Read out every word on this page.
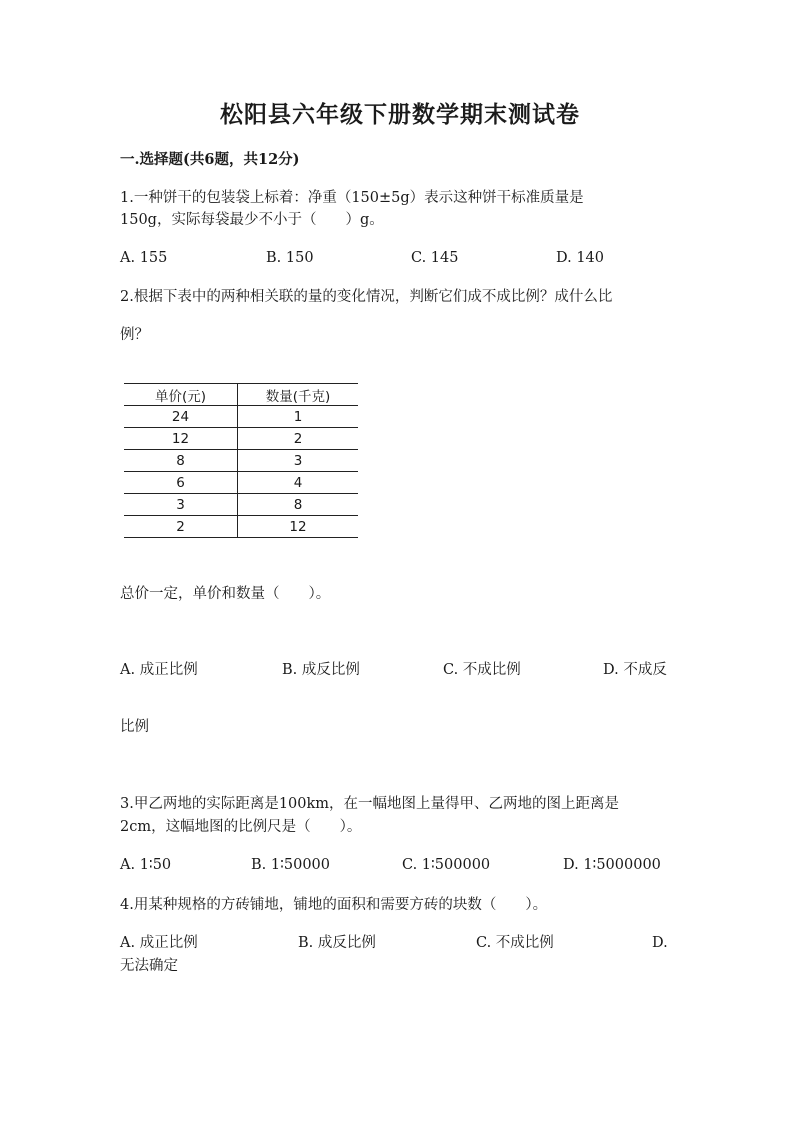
松阳县六年级下册数学期末测试卷
一.选择题(共6题，共12分)
1.一种饼干的包装袋上标着：净重（150±5g）表示这种饼干标准质量是
150g，实际每袋最少不小于（　　）g。
A. 155	B. 150	C. 145	D. 140
2.根据下表中的两种相关联的量的变化情况，判断它们成不成比例？成什么比
例？
单价(元)	数量(千克)
24	1
12	2
8	3
6	4
3	8
2	12
总价一定，单价和数量（　　）。
A. 成正比例	B. 成反比例	C. 不成比例	D. 不成反
比例
3.甲乙两地的实际距离是100km，在一幅地图上量得甲、乙两地的图上距离是
2cm，这幅地图的比例尺是（　　）。
A. 1∶50	B. 1∶50000	C. 1∶500000	D. 1∶5000000
4.用某种规格的方砖铺地，铺地的面积和需要方砖的块数（　　）。
A. 成正比例	B. 成反比例	C. 不成比例	D.
无法确定
